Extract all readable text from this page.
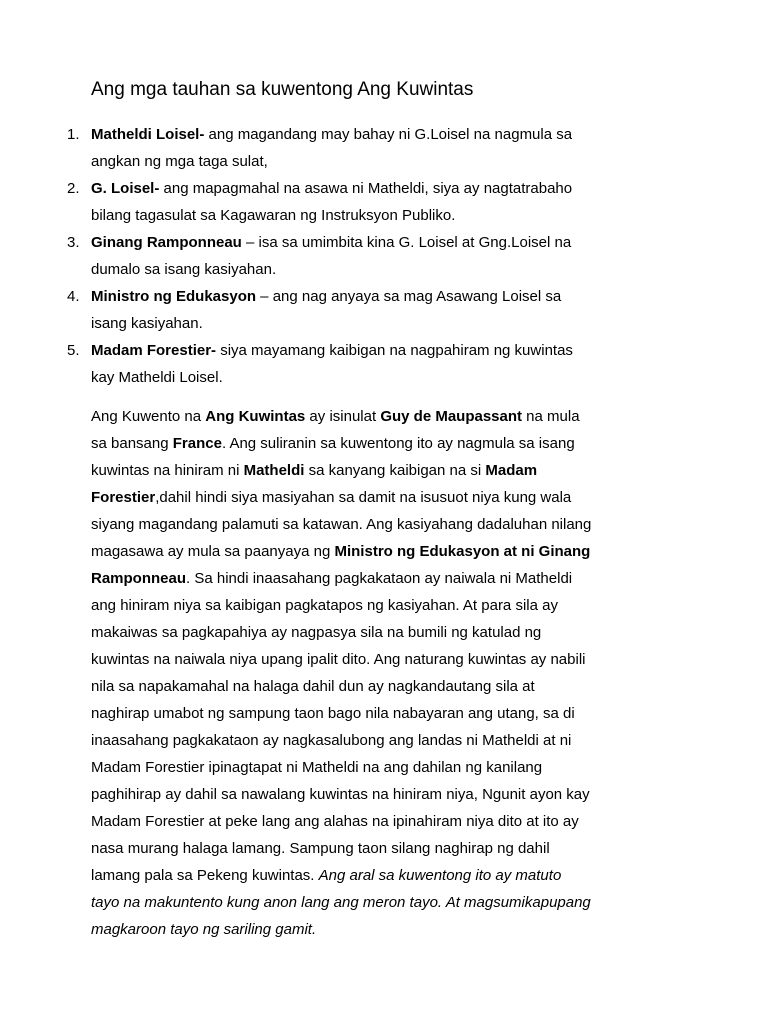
Ang mga tauhan sa kuwentong Ang Kuwintas
1. Matheldi Loisel- ang magandang may bahay ni G.Loisel na nagmula sa
angkan ng mga taga sulat,
2. G. Loisel- ang mapagmahal na asawa ni Matheldi, siya ay nagtatrabaho
bilang tagasulat sa Kagawaran ng Instruksyon Publiko.
3. Ginang Ramponneau – isa sa umimbita kina G. Loisel at Gng.Loisel na
dumalo sa isang kasiyahan.
4. Ministro ng Edukasyon – ang nag anyaya sa mag Asawang Loisel sa
isang kasiyahan.
5. Madam Forestier- siya mayamang kaibigan na nagpahiram ng kuwintas
kay Matheldi Loisel.

Ang Kuwento na Ang Kuwintas ay isinulat Guy de Maupassant na mula
sa bansang France. Ang suliranin sa kuwentong ito ay nagmula sa isang
kuwintas na hiniram ni Matheldi sa kanyang kaibigan na si Madam
Forestier,dahil hindi siya masiyahan sa damit na isusuot niya kung wala
siyang magandang palamuti sa katawan. Ang kasiyahang dadaluhan nilang
magasawa ay mula sa paanyaya ng Ministro ng Edukasyon at ni Ginang
Ramponneau. Sa hindi inaasahang pagkakataon ay naiwala ni Matheldi
ang hiniram niya sa kaibigan pagkatapos ng kasiyahan. At para sila ay
makaiwas sa pagkapahiya ay nagpasya sila na bumili ng katulad ng
kuwintas na naiwala niya upang ipalit dito. Ang naturang kuwintas ay nabili
nila sa napakamahal na halaga dahil dun ay nagkandautang sila at
naghirap umabot ng sampung taon bago nila nabayaran ang utang, sa di
inaasahang pagkakataon ay nagkasalubong ang landas ni Matheldi at ni
Madam Forestier ipinagtapat ni Matheldi na ang dahilan ng kanilang
paghihirap ay dahil sa nawalang kuwintas na hiniram niya, Ngunit ayon kay
Madam Forestier at peke lang ang alahas na ipinahiram niya dito at ito ay
nasa murang halaga lamang. Sampung taon silang naghirap ng dahil
lamang pala sa Pekeng kuwintas. Ang aral sa kuwentong ito ay matuto
tayo na makuntento kung anon lang ang meron tayo. At magsumikapupang
magkaroon tayo ng sariling gamit.
